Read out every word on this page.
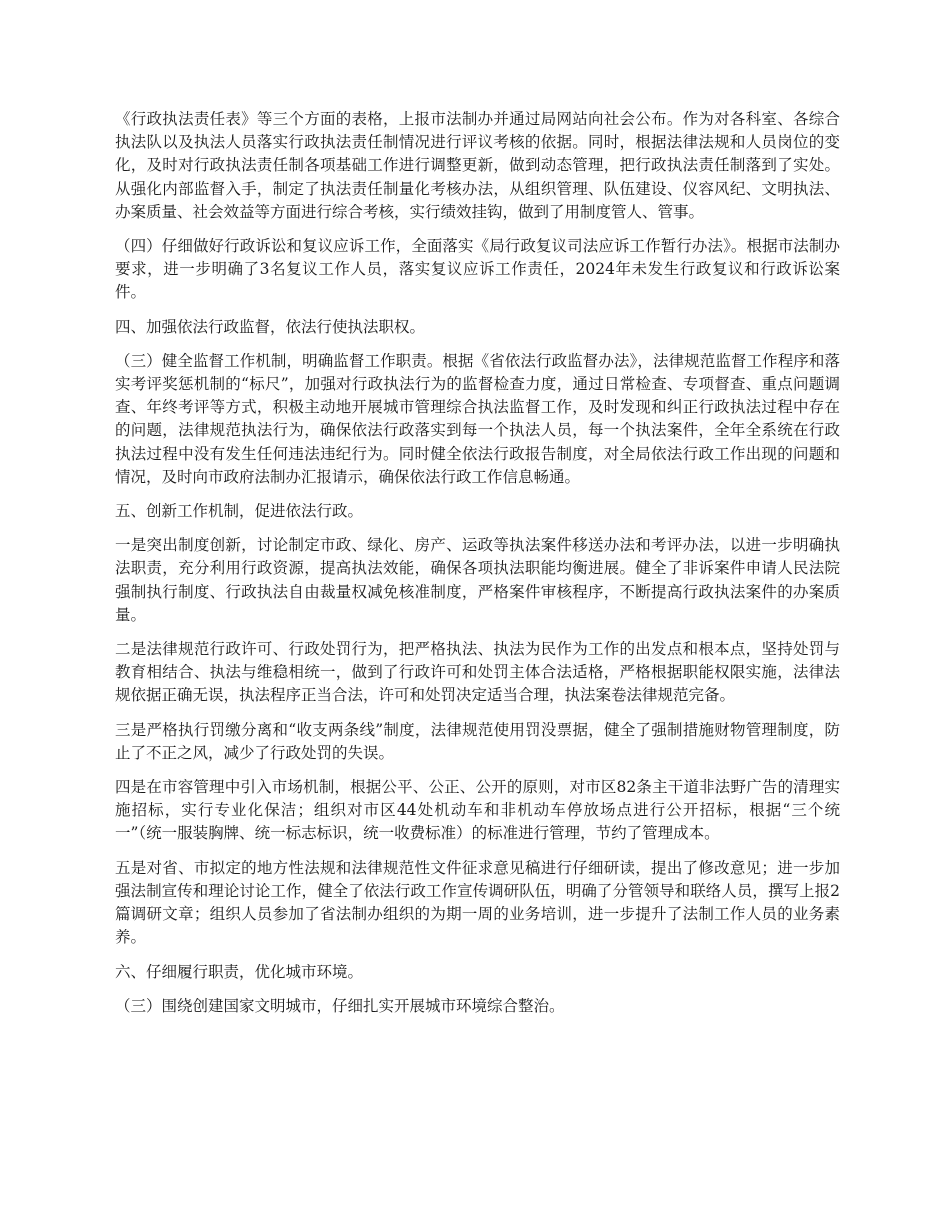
《行政执法责任表》等三个方面的表格，上报市法制办并通过局网站向社会公布。作为对各科室、各综合执法队以及执法人员落实行政执法责任制情况进行评议考核的依据。同时，根据法律法规和人员岗位的变化，及时对行政执法责任制各项基础工作进行调整更新，做到动态管理，把行政执法责任制落到了实处。从强化内部监督入手，制定了执法责任制量化考核办法，从组织管理、队伍建设、仪容风纪、文明执法、办案质量、社会效益等方面进行综合考核，实行绩效挂钩，做到了用制度管人、管事。

（四）仔细做好行政诉讼和复议应诉工作，全面落实《局行政复议司法应诉工作暂行办法》。根据市法制办要求，进一步明确了3名复议工作人员，落实复议应诉工作责任，2024年未发生行政复议和行政诉讼案件。

四、加强依法行政监督，依法行使执法职权。

（三）健全监督工作机制，明确监督工作职责。根据《省依法行政监督办法》，法律规范监督工作程序和落实考评奖惩机制的“标尺”，加强对行政执法行为的监督检查力度，通过日常检查、专项督查、重点问题调查、年终考评等方式，积极主动地开展城市管理综合执法监督工作，及时发现和纠正行政执法过程中存在的问题，法律规范执法行为，确保依法行政落实到每一个执法人员，每一个执法案件，全年全系统在行政执法过程中没有发生任何违法违纪行为。同时健全依法行政报告制度，对全局依法行政工作出现的问题和情况，及时向市政府法制办汇报请示，确保依法行政工作信息畅通。

五、创新工作机制，促进依法行政。

一是突出制度创新，讨论制定市政、绿化、房产、运政等执法案件移送办法和考评办法，以进一步明确执法职责，充分利用行政资源，提高执法效能，确保各项执法职能均衡进展。健全了非诉案件申请人民法院强制执行制度、行政执法自由裁量权减免核准制度，严格案件审核程序，不断提高行政执法案件的办案质量。

二是法律规范行政许可、行政处罚行为，把严格执法、执法为民作为工作的出发点和根本点，坚持处罚与教育相结合、执法与维稳相统一，做到了行政许可和处罚主体合法适格，严格根据职能权限实施，法律法规依据正确无误，执法程序正当合法，许可和处罚决定适当合理，执法案卷法律规范完备。

三是严格执行罚缴分离和“收支两条线”制度，法律规范使用罚没票据，健全了强制措施财物管理制度，防止了不正之风，减少了行政处罚的失误。

四是在市容管理中引入市场机制，根据公平、公正、公开的原则，对市区82条主干道非法野广告的清理实施招标，实行专业化保洁；组织对市区44处机动车和非机动车停放场点进行公开招标，根据“三个统一”（统一服装胸牌、统一标志标识，统一收费标准）的标准进行管理，节约了管理成本。

五是对省、市拟定的地方性法规和法律规范性文件征求意见稿进行仔细研读，提出了修改意见；进一步加强法制宣传和理论讨论工作，健全了依法行政工作宣传调研队伍，明确了分管领导和联络人员，撰写上报2篇调研文章；组织人员参加了省法制办组织的为期一周的业务培训，进一步提升了法制工作人员的业务素养。

六、仔细履行职责，优化城市环境。

（三）围绕创建国家文明城市，仔细扎实开展城市环境综合整治。
